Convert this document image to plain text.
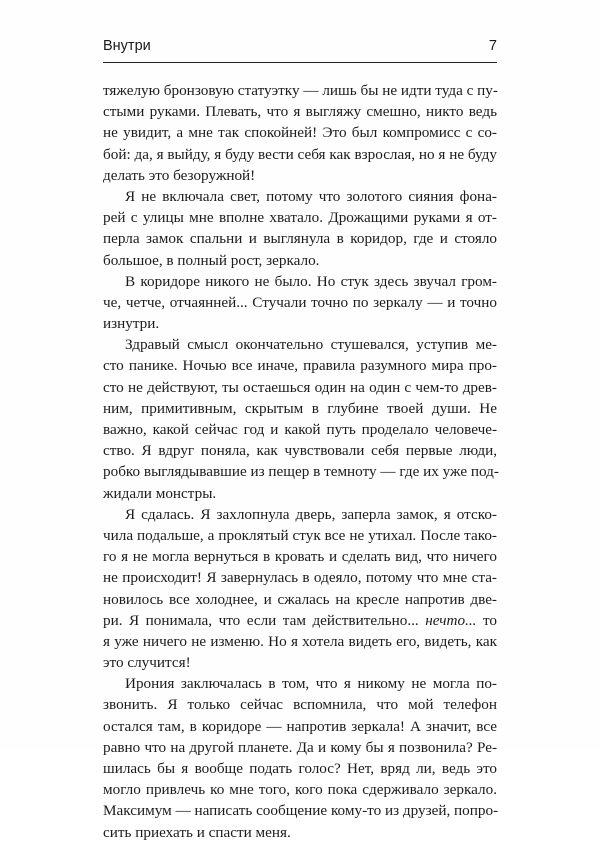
Внутри	7
тяжелую бронзовую статуэтку — лишь бы не идти туда с пу-
стыми руками. Плевать, что я выгляжу смешно, никто ведь
не увидит, а мне так спокойней! Это был компромисс с со-
бой: да, я выйду, я буду вести себя как взрослая, но я не буду
делать это безоружной!
Я не включала свет, потому что золотого сияния фона-
рей с улицы мне вполне хватало. Дрожащими руками я от-
перла замок спальни и выглянула в коридор, где и стояло
большое, в полный рост, зеркало.
В коридоре никого не было. Но стук здесь звучал гром-
че, четче, отчаянней... Стучали точно по зеркалу — и точно
изнутри.
Здравый смысл окончательно стушевался, уступив ме-
сто панике. Ночью все иначе, правила разумного мира про-
сто не действуют, ты остаешься один на один с чем-то древ-
ним, примитивным, скрытым в глубине твоей души. Не
важно, какой сейчас год и какой путь проделало человече-
ство. Я вдруг поняла, как чувствовали себя первые люди,
робко выглядывавшие из пещер в темноту — где их уже под-
жидали монстры.
Я сдалась. Я захлопнула дверь, заперла замок, я отско-
чила подальше, а проклятый стук все не утихал. После тако-
го я не могла вернуться в кровать и сделать вид, что ничего
не происходит! Я завернулась в одеяло, потому что мне ста-
новилось все холоднее, и сжалась на кресле напротив две-
ри. Я понимала, что если там действительно... нечто... то
я уже ничего не изменю. Но я хотела видеть его, видеть, как
это случится!
Ирония заключалась в том, что я никому не могла по-
звонить. Я только сейчас вспомнила, что мой телефон
остался там, в коридоре — напротив зеркала! А значит, все
равно что на другой планете. Да и кому бы я позвонила? Ре-
шилась бы я вообще подать голос? Нет, вряд ли, ведь это
могло привлечь ко мне того, кого пока сдерживало зеркало.
Максимум — написать сообщение кому-то из друзей, попро-
сить приехать и спасти меня.
